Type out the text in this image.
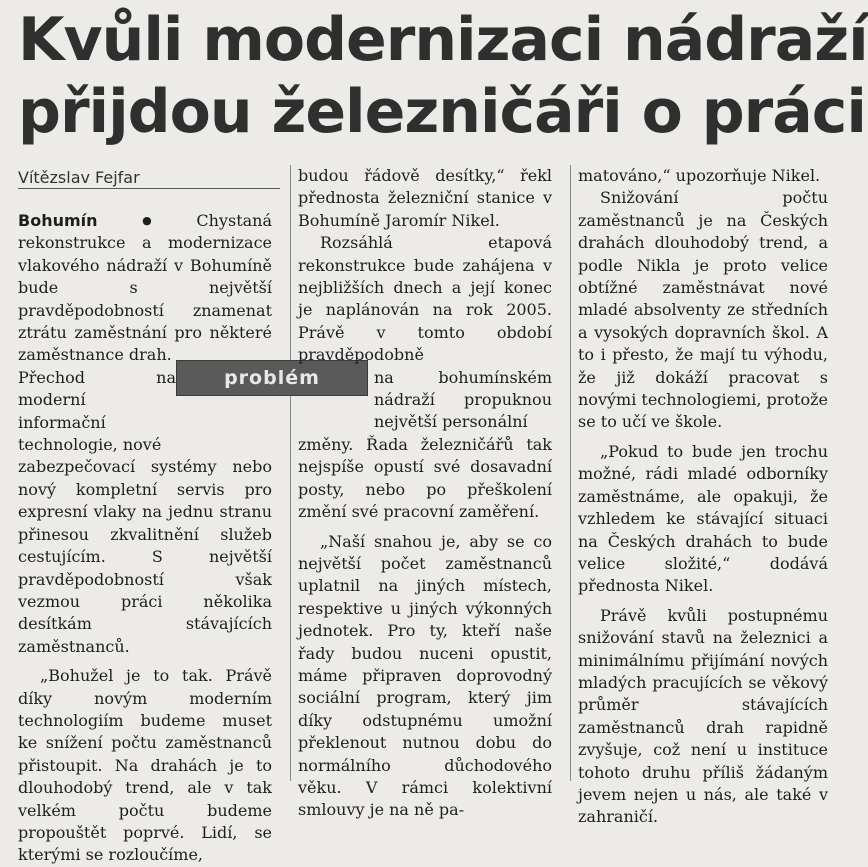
Kvůli modernizaci nádraží
přijdou železničáři o práci
Vítězslav Fejfar

Bohumín ● Chystaná rekonstrukce a modernizace vlakového nádraží v Bohumíně bude s největší pravděpodobností znamenat ztrátu zaměstnání pro některé zaměstnance drah.

Přechod na moderní informační technologie, nové

zabezpečovací systémy nebo nový kompletní servis pro expresní vlaky na jednu stranu přinesou zkvalitnění služeb cestujícím. S největší pravděpodobností však vezmou práci několika desítkám stávajících zaměstnanců.

„Bohužel je to tak. Právě díky novým moderním technologiím budeme muset ke snížení počtu zaměstnanců přistoupit. Na drahách je to dlouhodobý trend, ale v tak velkém počtu budeme propouštět poprvé. Lidí, se kterými se rozloučíme,

problém

budou řádově desítky,“ řekl přednosta železniční stanice v Bohumíně Jaromír Nikel.

Rozsáhlá etapová rekonstrukce bude zahájena v nejbližších dnech a její konec je naplánován na rok 2005. Právě v tomto období pravděpodobně

na bohumínském nádraží propuknou největší personální

změny. Řada železničářů tak nejspíše opustí své dosavadní posty, nebo po přeškolení změní své pracovní zaměření.

„Naší snahou je, aby se co největší počet zaměstnanců uplatnil na jiných místech, respektive u jiných výkonných jednotek. Pro ty, kteří naše řady budou nuceni opustit, máme připraven doprovodný sociální program, který jim díky odstupnému umožní překlenout nutnou dobu do normálního důchodového věku. V rámci kolektivní smlouvy je na ně pa-

matováno,“ upozorňuje Nikel.

Snižování počtu zaměstnanců je na Českých drahách dlouhodobý trend, a podle Nikla je proto velice obtížné zaměstnávat nové mladé absolventy ze středních a vysokých dopravních škol. A to i přesto, že mají tu výhodu, že již dokáží pracovat s novými technologiemi, protože se to učí ve škole.

„Pokud to bude jen trochu možné, rádi mladé odborníky zaměstnáme, ale opakuji, že vzhledem ke stávající situaci na Českých drahách to bude velice složité,“ dodává přednosta Nikel.

Právě kvůli postupnému snižování stavů na železnici a minimálnímu přijímání nových mladých pracujících se věkový průměr stávajících zaměstnanců drah rapidně zvyšuje, což není u instituce tohoto druhu příliš žádaným jevem nejen u nás, ale také v zahraničí.
